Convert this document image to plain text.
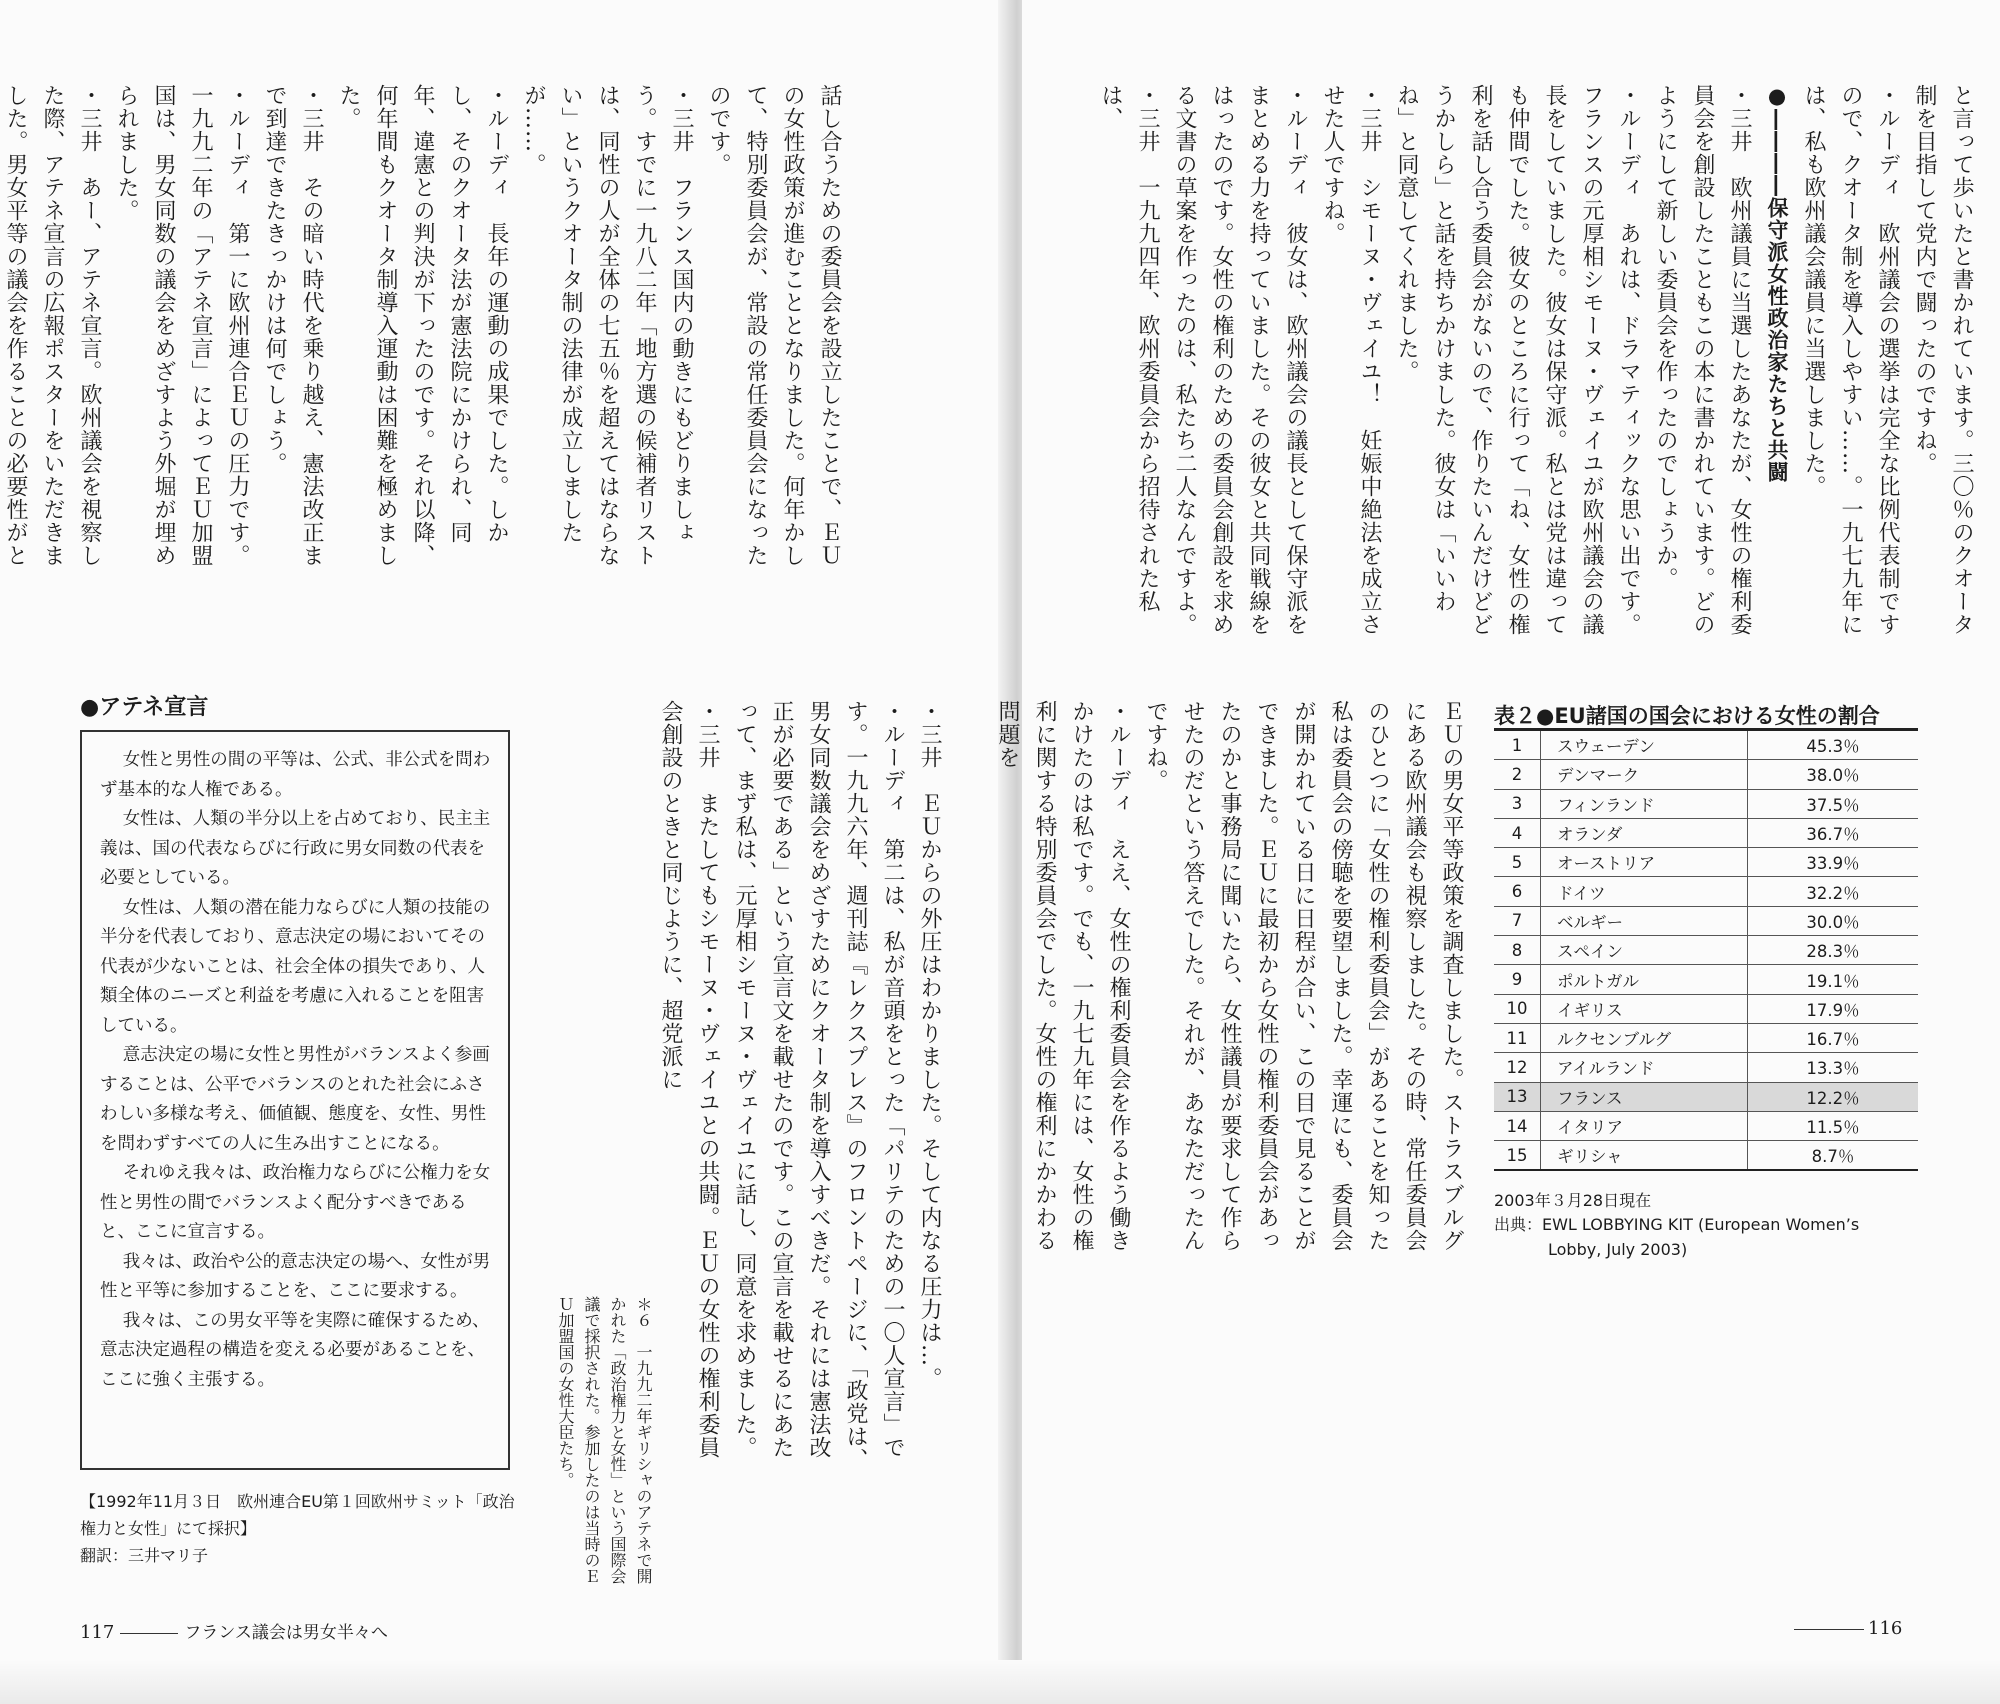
話し合うための委員会を設立したことで、ＥＵの女性政策が進むこととなりました。何年かして、特別委員会が、常設の常任委員会になったのです。

・三井　フランス国内の動きにもどりましょう。すでに一九八二年「地方選の候補者リストは、同性の人が全体の七五％を超えてはならない」というクオータ制の法律が成立しましたが……。

・ルーディ　長年の運動の成果でした。しかし、そのクオータ法が憲法院にかけられ、同年、違憲との判決が下ったのです。それ以降、何年間もクオータ制導入運動は困難を極めました。

・三井　その暗い時代を乗り越え、憲法改正まで到達できたきっかけは何でしょう。

・ルーディ　第一に欧州連合ＥＵの圧力です。一九九二年の「アテネ宣言」によってＥＵ加盟国は、男女同数の議会をめざすよう外堀が埋められました。

・三井　あー、アテネ宣言。欧州議会を視察した際、アテネ宣言の広報ポスターをいただきました。男女平等の議会を作ることの必要性がと

・三井　ＥＵからの外圧はわかりました。そして内なる圧力は…。

・ルーディ　第二は、私が音頭をとった「パリテのための一〇人宣言」です。一九九六年、週刊誌『レクスプレス』のフロントページに、「政党は、男女同数議会をめざすためにクオータ制を導入すべきだ。それには憲法改正が必要である」という宣言文を載せたのです。この宣言を載せるにあたって、まず私は、元厚相シモーヌ・ヴェイユに話し、同意を求めました。

・三井　またしてもシモーヌ・ヴェイユとの共闘。ＥＵの女性の権利委員会創設のときと同じように、超党派に

＊６　一九九二年ギリシャのアテネで開かれた「政治権力と女性」という国際会議で採択された。参加したのは当時のＥＵ加盟国の女性大臣たち。

●アテネ宣言

女性と男性の間の平等は、公式、非公式を問わず基本的な人権である。

女性は、人類の半分以上を占めており、民主主義は、国の代表ならびに行政に男女同数の代表を必要としている。

女性は、人類の潜在能力ならびに人類の技能の半分を代表しており、意志決定の場においてその代表が少ないことは、社会全体の損失であり、人類全体のニーズと利益を考慮に入れることを阻害している。

意志決定の場に女性と男性がバランスよく参画することは、公平でバランスのとれた社会にふさわしい多様な考え、価値観、態度を、女性、男性を問わずすべての人に生み出すことになる。

それゆえ我々は、政治権力ならびに公権力を女性と男性の間でバランスよく配分すべきであると、ここに宣言する。

我々は、政治や公的意志決定の場へ、女性が男性と平等に参加することを、ここに要求する。

我々は、この男女平等を実際に確保するため、意志決定過程の構造を変える必要があることを、ここに強く主張する。

【1992年11月３日　欧州連合EU第１回欧州サミット「政治権力と女性」にて採択】
翻訳：三井マリ子

117	フランス議会は男女半々へ

と言って歩いたと書かれています。三〇％のクオータ制を目指して党内で闘ったのですね。

・ルーディ　欧州議会の選挙は完全な比例代表制ですので、クオータ制を導入しやすい……。一九七九年には、私も欧州議会議員に当選しました。

●――――保守派女性政治家たちと共闘

・三井　欧州議員に当選したあなたが、女性の権利委員会を創設したこともこの本に書かれています。どのようにして新しい委員会を作ったのでしょうか。

・ルーディ　あれは、ドラマティックな思い出です。フランスの元厚相シモーヌ・ヴェイユが欧州議会の議長をしていました。彼女は保守派。私とは党は違っても仲間でした。彼女のところに行って「ね、女性の権利を話し合う委員会がないので、作りたいんだけどどうかしら」と話を持ちかけました。彼女は「いいわね」と同意してくれました。

・三井　シモーヌ・ヴェイユ！　妊娠中絶法を成立させた人ですね。

・ルーディ　彼女は、欧州議会の議長として保守派をまとめる力を持っていました。その彼女と共同戦線をはったのです。女性の権利のための委員会創設を求める文書の草案を作ったのは、私たち二人なんですよ。

・三井　一九九四年、欧州委員会から招待された私は、

ＥＵの男女平等政策を調査しました。ストラスブルグにある欧州議会も視察しました。その時、常任委員会のひとつに「女性の権利委員会」があることを知った私は委員会の傍聴を要望しました。幸運にも、委員会が開かれている日に日程が合い、この目で見ることができました。ＥＵに最初から女性の権利委員会があったのかと事務局に聞いたら、女性議員が要求して作らせたのだという答えでした。それが、あなただったんですね。

・ルーディ　ええ、女性の権利委員会を作るよう働きかけたのは私です。でも、一九七九年には、女性の権利に関する特別委員会でした。女性の権利にかかわる問題を	表２●EU諸国の国会における女性の割合

1	スウェーデン	45.3％
2	デンマーク	38.0％
3	フィンランド	37.5％
4	オランダ	36.7％
5	オーストリア	33.9％
6	ドイツ	32.2％
7	ベルギー	30.0％
8	スペイン	28.3％
9	ポルトガル	19.1％
10	イギリス	17.9％
11	ルクセンブルグ	16.7％
12	アイルランド	13.3％
13	フランス	12.2％
14	イタリア	11.5％
15	ギリシャ	8.7％

2003年３月28日現在

出典：EWL LOBBYING KIT (European Women’s
Lobby, July 2003)

116
